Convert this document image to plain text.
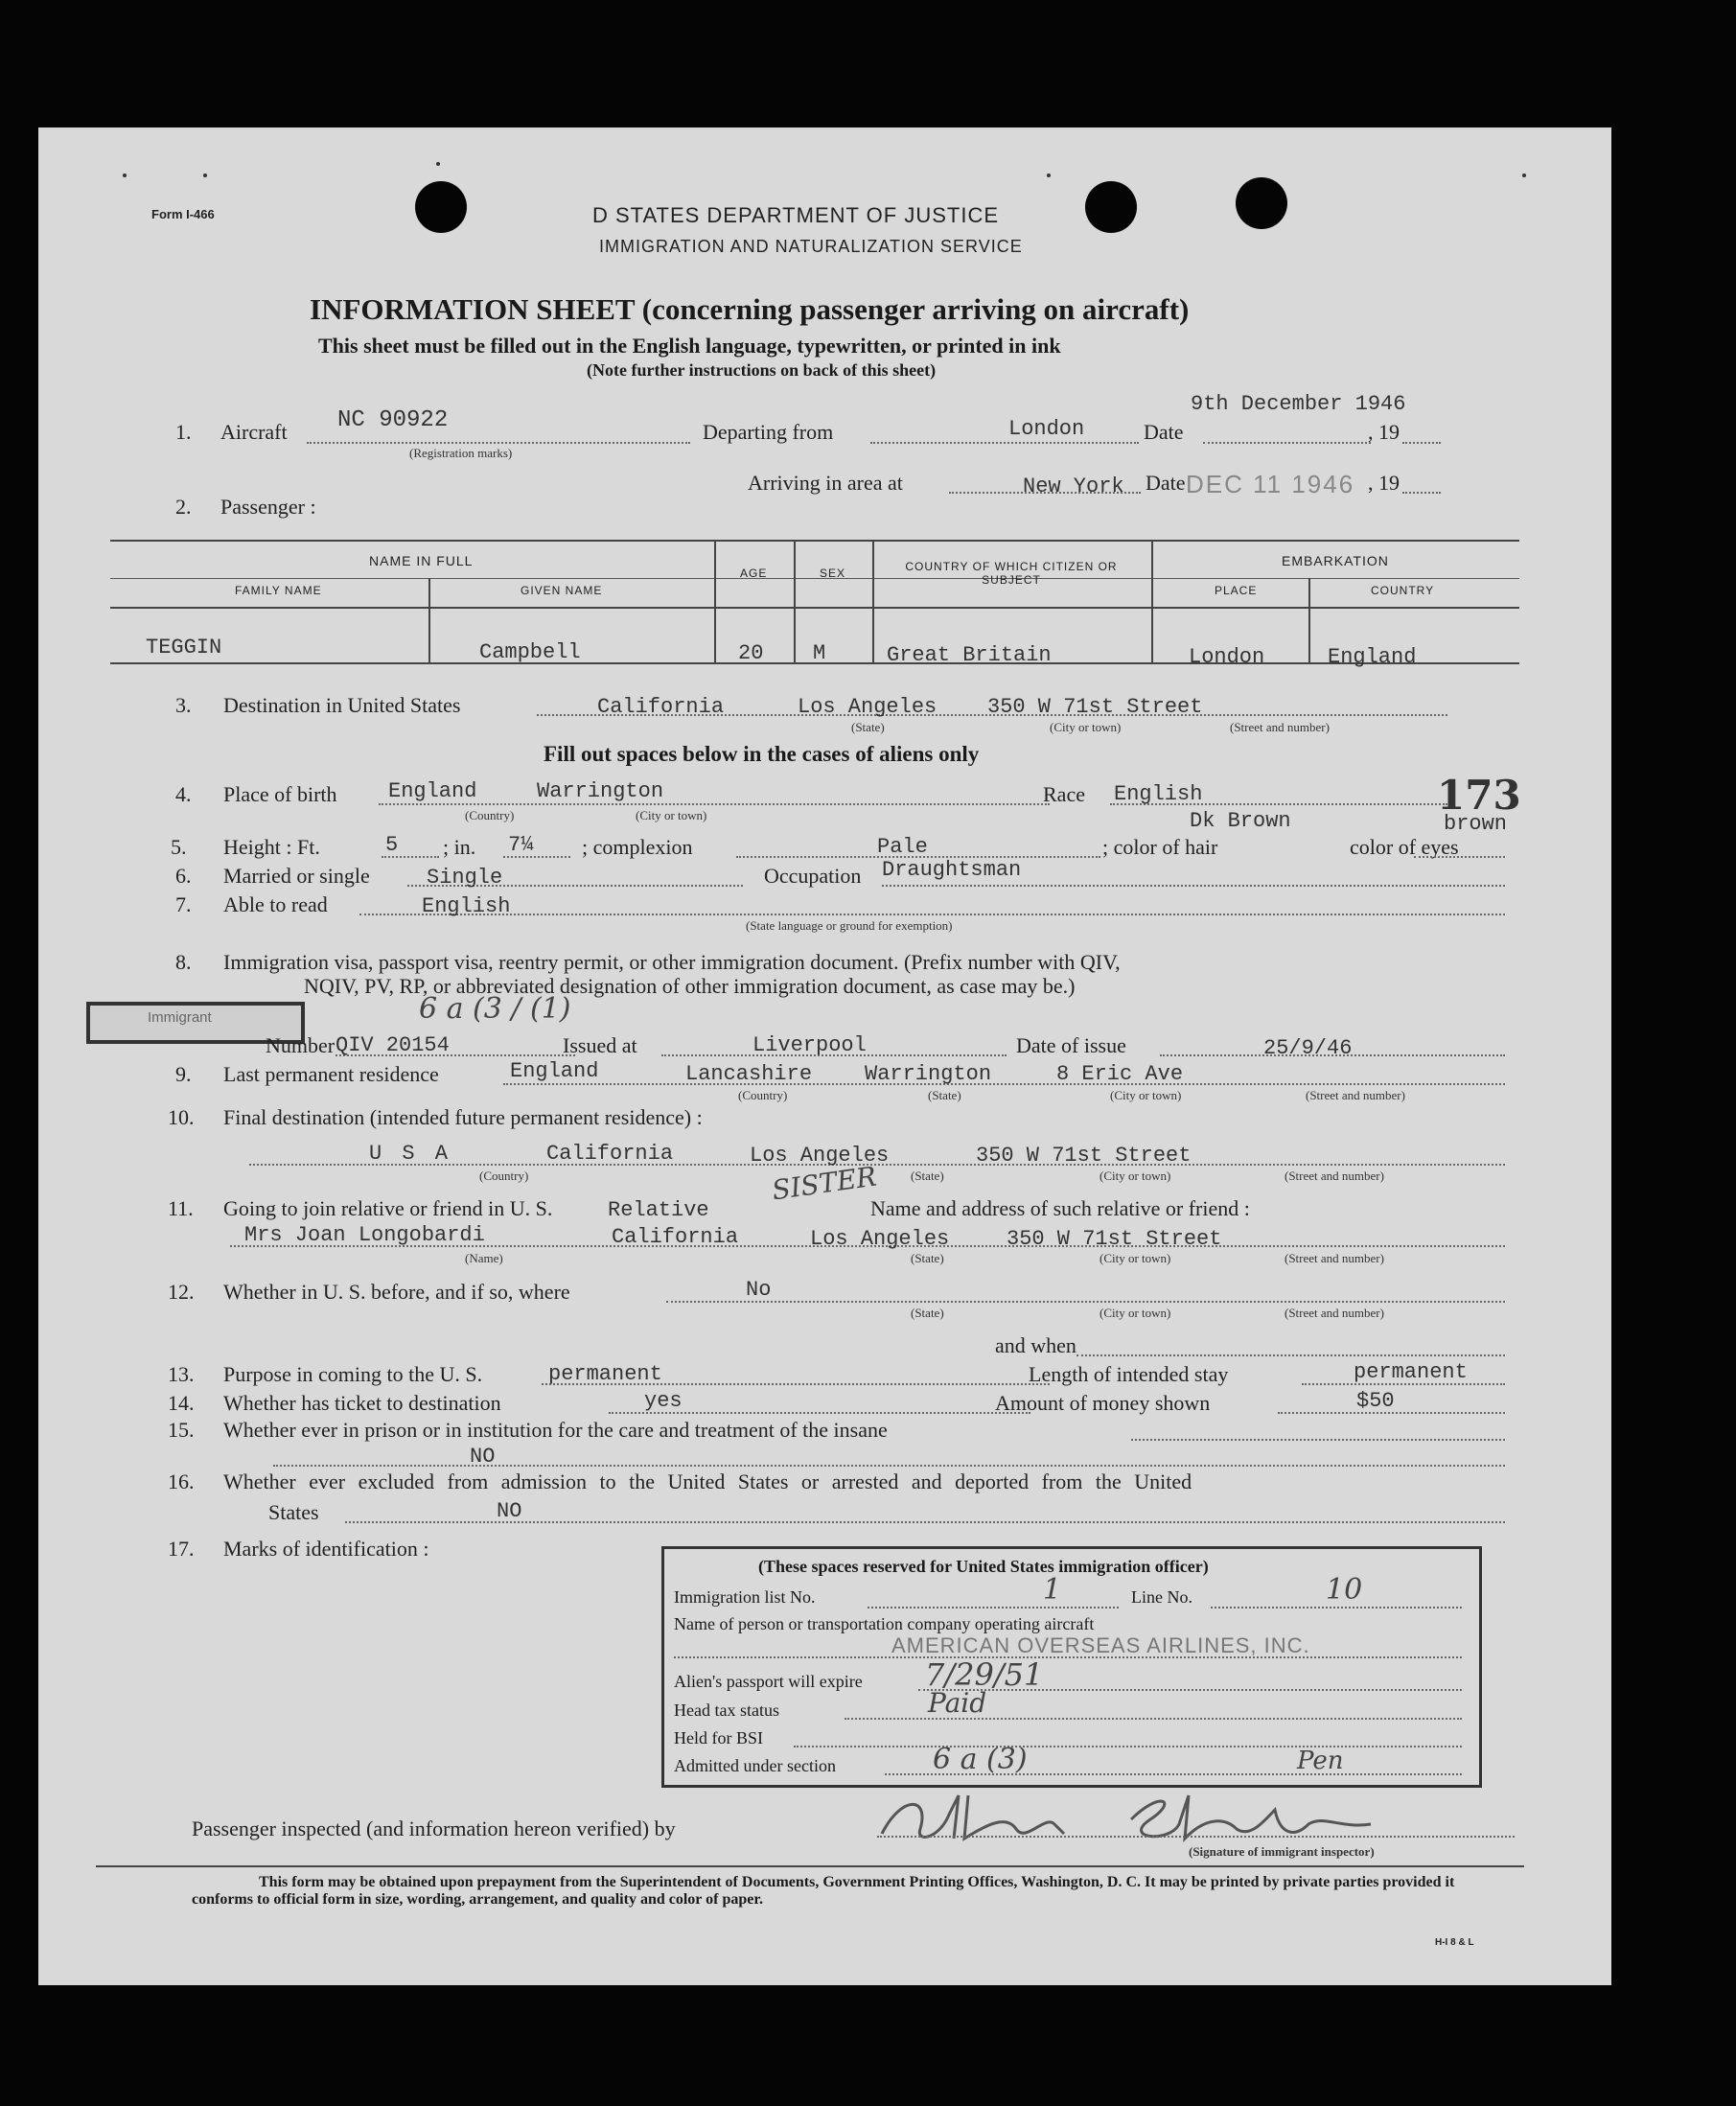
Form I-466	D STATES DEPARTMENT OF JUSTICE
IMMIGRATION AND NATURALIZATION SERVICE
INFORMATION SHEET (concerning passenger arriving on aircraft)
This sheet must be filled out in the English language, typewritten, or printed in ink
(Note further instructions on back of this sheet)
1. Aircraft NC 90922
(Registration marks)
Departing from	London	Date
9th December 1946
, 19
Arriving in area at	New York Date DEC 11 1946 , 19
2. Passenger :
NAME IN FULL
FAMILY NAME	GIVEN NAME
AGE	SEX	COUNTRY OF WHICH CITIZEN OR SUBJECT
EMBARKATION
PLACE	COUNTRY
TEGGIN	Campbell	20 M	Great Britain	London	England
3. Destination in United States	California	Los Angeles 350 W 71st Street
(State)	(City or town)	(Street and number)
Fill out spaces below in the cases of aliens only
4. Place of birth England	Warrington
(Country)	(City or town)
Race English	173
Dk Brown	brown
5. Height : Ft.	5 ; in. 7¼ ; complexion	Pale	; color of hair	color of eyes
6. Married or single	Single	Occupation Draughtsman
7. Able to read	English
(State language or ground for exemption)
8. Immigration visa, passport visa, reentry permit, or other immigration document. (Prefix number with QIV,
NQIV, PV, RP, or abbreviated designation of other immigration document, as case may be.)
Immigrant	6 a (3 / (1)
Number QIV 20154	Issued at	Liverpool	Date of issue	25/9/46
9. Last permanent residence	England	Lancashire Warrington	8 Eric Ave
(Country)	(State)	(City or town)	(Street and number)
10. Final destination (intended future permanent residence) :
U S A	California	Los Angeles	350 W 71st Street
(Country)	(State)	(City or town)	(Street and number)
SISTER
11. Going to join relative or friend in U. S.	Relative	Name and address of such relative or friend :
Mrs Joan Longobardi	California	Los Angeles	350 W 71st Street
(Name)	(State)	(City or town)	(Street and number)
12. Whether in U. S. before, and if so, where	No
(State)	(City or town)	(Street and number)
and when
13. Purpose in coming to the U. S.	permanent	Length of intended stay	permanent
14. Whether has ticket to destination	yes	Amount of money shown	$50
15. Whether ever in prison or in institution for the care and treatment of the insane
NO
16. Whether ever excluded from admission to the United States or arrested and deported from the United
States	NO
17. Marks of identification :
(These spaces reserved for United States immigration officer)
Immigration list No.	1	Line No.	10
Name of person or transportation company operating aircraft
AMERICAN OVERSEAS AIRLINES, INC.
Alien's passport will expire 7/29/51
Head tax status	Paid
Held for BSI
Admitted under section	6 a (3)	Pen
Passenger inspected (and information hereon verified) by
(Signature of immigrant inspector)
This form may be obtained upon prepayment from the Superintendent of Documents, Government Printing Offices, Washington, D. C. It may be printed by private parties provided it conforms to official form in size, wording, arrangement, and quality and color of paper.
H-I 8 & L
